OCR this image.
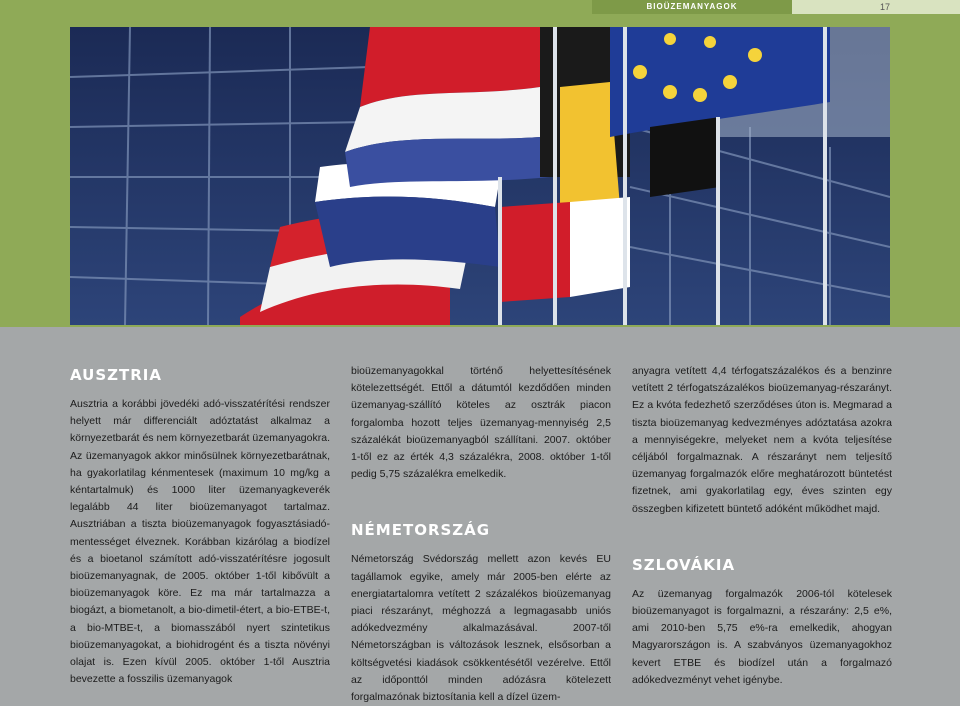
BIOÜZEMANYAGOK	17
AUSZTRIA

Ausztria a korábbi jövedéki adó-visszatérítési rendszer helyett már differenciált adóztatást alkalmaz a környezetbarát és nem környezetbarát üzemanyagokra. Az üzemanyagok akkor minősülnek környezetbarátnak, ha gyakorlatilag kénmentesek (maximum 10 mg/kg a kéntartalmuk) és 1000 liter üzemanyagkeverék legalább 44 liter bioüzemanyagot tartalmaz. Ausztriában a tiszta bioüzemanyagok fogyasztásiadó-mentességet élveznek. Korábban kizárólag a biodízel és a bioetanol számított adó-visszatérítésre jogosult bioüzemanyagnak, de 2005. október 1-től kibővült a bioüzemanyagok köre. Ez ma már tartalmazza a biogázt, a biometanolt, a bio-dimetil-étert, a bio-ETBE-t, a bio-MTBE-t, a biomasszából nyert szintetikus bioüzemanyagokat, a biohidrogént és a tiszta növényi olajat is. Ezen kívül 2005. október 1-től Ausztria bevezette a fosszilis üzemanyagok

bioüzemanyagokkal történő helyettesítésének kötelezettségét. Ettől a dátumtól kezdődően minden üzemanyag-szállító köteles az osztrák piacon forgalomba hozott teljes üzemanyag-mennyiség 2,5 százalékát bioüzemanyagból szállítani. 2007. október 1-től ez az érték 4,3 százalékra, 2008. október 1-től pedig 5,75 százalékra emelkedik.

NÉMETORSZÁG

Németország Svédország mellett azon kevés EU tagállamok egyike, amely már 2005-ben elérte az energiatartalomra vetített 2 százalékos bioüzemanyag piaci részarányt, méghozzá a legmagasabb uniós adókedvezmény alkalmazásával. 2007-től Németországban is változások lesznek, elsősorban a költségvetési kiadások csökkentésétől vezérelve. Ettől az időponttól minden adózásra kötelezett forgalmazónak biztosítania kell a dízel üzem-

anyagra vetített 4,4 térfogatszázalékos és a benzinre vetített 2 térfogatszázalékos bioüzemanyag-részarányt. Ez a kvóta fedezhető szerződéses úton is. Megmarad a tiszta bioüzemanyag kedvezményes adóztatása azokra a mennyiségekre, melyeket nem a kvóta teljesítése céljából forgalmaznak. A részarányt nem teljesítő üzemanyag forgalmazók előre meghatározott büntetést fizetnek, ami gyakorlatilag egy, éves szinten egy összegben kifizetett büntető adóként működhet majd.

SZLOVÁKIA

Az üzemanyag forgalmazók 2006-tól kötelesek bioüzemanyagot is forgalmazni, a részarány: 2,5 e%, ami 2010-ben 5,75 e%-ra emelkedik, ahogyan Magyarországon is. A szabványos üzemanyagokhoz kevert ETBE és biodízel után a forgalmazó adókedvezményt vehet igénybe.
